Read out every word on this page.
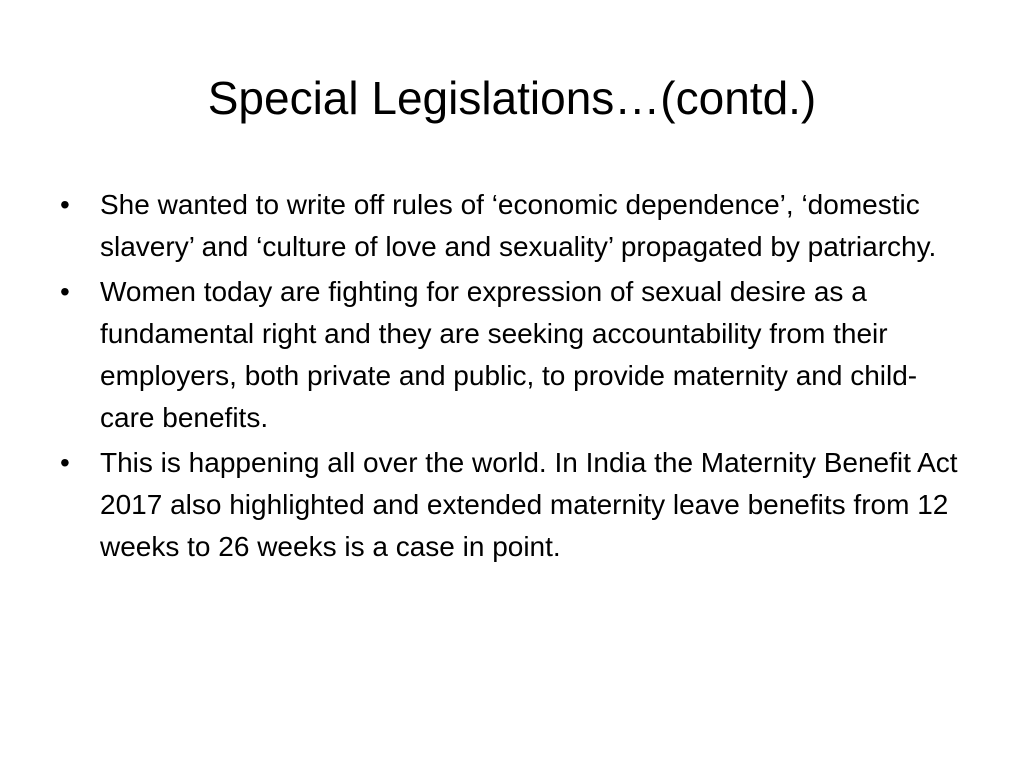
Special Legislations…(contd.)
• She wanted to write off rules of ‘economic dependence’, ‘domestic slavery’ and ‘culture of love and sexuality’ propagated by patriarchy.
• Women today are fighting for expression of sexual desire as a fundamental right and they are seeking accountability from their employers, both private and public, to provide maternity and child-care benefits.
• This is happening all over the world. In India the Maternity Benefit Act 2017 also highlighted and extended maternity leave benefits from 12 weeks to 26 weeks is a case in point.
